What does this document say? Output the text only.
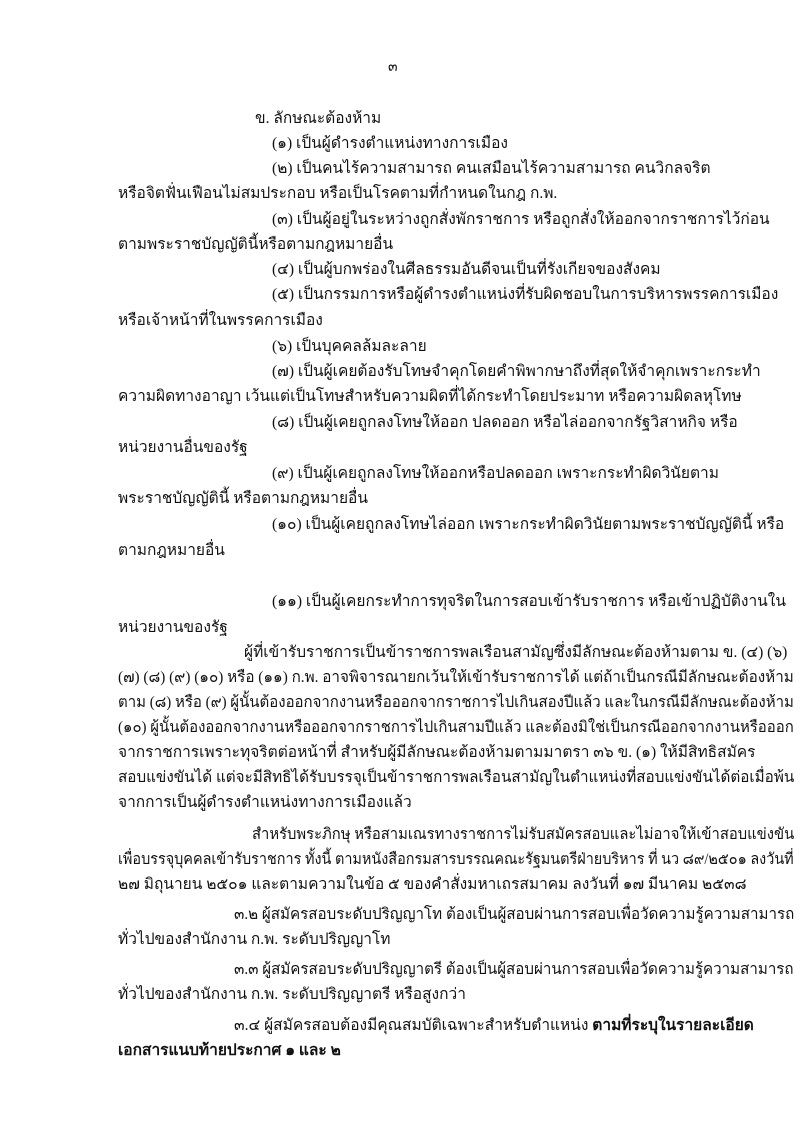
๓
ข. ลักษณะต้องห้าม
(๑) เป็นผู้ดำรงตำแหน่งทางการเมือง
(๒) เป็นคนไร้ความสามารถ คนเสมือนไร้ความสามารถ คนวิกลจริต
หรือจิตฟั่นเฟือนไม่สมประกอบ หรือเป็นโรคตามที่กำหนดในกฎ ก.พ.
(๓) เป็นผู้อยู่ในระหว่างถูกสั่งพักราชการ หรือถูกสั่งให้ออกจากราชการไว้ก่อน
ตามพระราชบัญญัตินี้หรือตามกฎหมายอื่น
(๔) เป็นผู้บกพร่องในศีลธรรมอันดีจนเป็นที่รังเกียจของสังคม
(๕) เป็นกรรมการหรือผู้ดำรงตำแหน่งที่รับผิดชอบในการบริหารพรรคการเมือง
หรือเจ้าหน้าที่ในพรรคการเมือง
(๖) เป็นบุคคลล้มละลาย
(๗) เป็นผู้เคยต้องรับโทษจำคุกโดยคำพิพากษาถึงที่สุดให้จำคุกเพราะกระทำ
ความผิดทางอาญา เว้นแต่เป็นโทษสำหรับความผิดที่ได้กระทำโดยประมาท หรือความผิดลหุโทษ
(๘) เป็นผู้เคยถูกลงโทษให้ออก ปลดออก หรือไล่ออกจากรัฐวิสาหกิจ หรือ
หน่วยงานอื่นของรัฐ
(๙) เป็นผู้เคยถูกลงโทษให้ออกหรือปลดออก เพราะกระทำผิดวินัยตาม
พระราชบัญญัตินี้ หรือตามกฎหมายอื่น
(๑๐) เป็นผู้เคยถูกลงโทษไล่ออก เพราะกระทำผิดวินัยตามพระราชบัญญัตินี้ หรือ
ตามกฎหมายอื่น
(๑๑) เป็นผู้เคยกระทำการทุจริตในการสอบเข้ารับราชการ หรือเข้าปฏิบัติงานใน
หน่วยงานของรัฐ
ผู้ที่เข้ารับราชการเป็นข้าราชการพลเรือนสามัญซึ่งมีลักษณะต้องห้ามตาม ข. (๔) (๖)
(๗) (๘) (๙) (๑๐) หรือ (๑๑) ก.พ. อาจพิจารณายกเว้นให้เข้ารับราชการได้ แต่ถ้าเป็นกรณีมีลักษณะต้องห้าม
ตาม (๘) หรือ (๙) ผู้นั้นต้องออกจากงานหรือออกจากราชการไปเกินสองปีแล้ว และในกรณีมีลักษณะต้องห้าม
(๑๐) ผู้นั้นต้องออกจากงานหรือออกจากราชการไปเกินสามปีแล้ว และต้องมิใช่เป็นกรณีออกจากงานหรือออก
จากราชการเพราะทุจริตต่อหน้าที่ สำหรับผู้มีลักษณะต้องห้ามตามมาตรา ๓๖ ข. (๑) ให้มีสิทธิสมัคร
สอบแข่งขันได้ แต่จะมีสิทธิได้รับบรรจุเป็นข้าราชการพลเรือนสามัญในตำแหน่งที่สอบแข่งขันได้ต่อเมื่อพ้น
จากการเป็นผู้ดำรงตำแหน่งทางการเมืองแล้ว
สำหรับพระภิกษุ หรือสามเณรทางราชการไม่รับสมัครสอบและไม่อาจให้เข้าสอบแข่งขัน
เพื่อบรรจุบุคคลเข้ารับราชการ ทั้งนี้ ตามหนังสือกรมสารบรรณคณะรัฐมนตรีฝ่ายบริหาร ที่ นว ๘๙/๒๕๐๑ ลงวันที่
๒๗ มิถุนายน ๒๕๐๑ และตามความในข้อ ๕ ของคำสั่งมหาเถรสมาคม ลงวันที่ ๑๗ มีนาคม ๒๕๓๘
๓.๒ ผู้สมัครสอบระดับปริญญาโท ต้องเป็นผู้สอบผ่านการสอบเพื่อวัดความรู้ความสามารถ
ทั่วไปของสำนักงาน ก.พ. ระดับปริญญาโท
๓.๓ ผู้สมัครสอบระดับปริญญาตรี ต้องเป็นผู้สอบผ่านการสอบเพื่อวัดความรู้ความสามารถ
ทั่วไปของสำนักงาน ก.พ. ระดับปริญญาตรี หรือสูงกว่า
๓.๔ ผู้สมัครสอบต้องมีคุณสมบัติเฉพาะสำหรับตำแหน่ง ตามที่ระบุในรายละเอียด
เอกสารแนบท้ายประกาศ ๑ และ ๒
